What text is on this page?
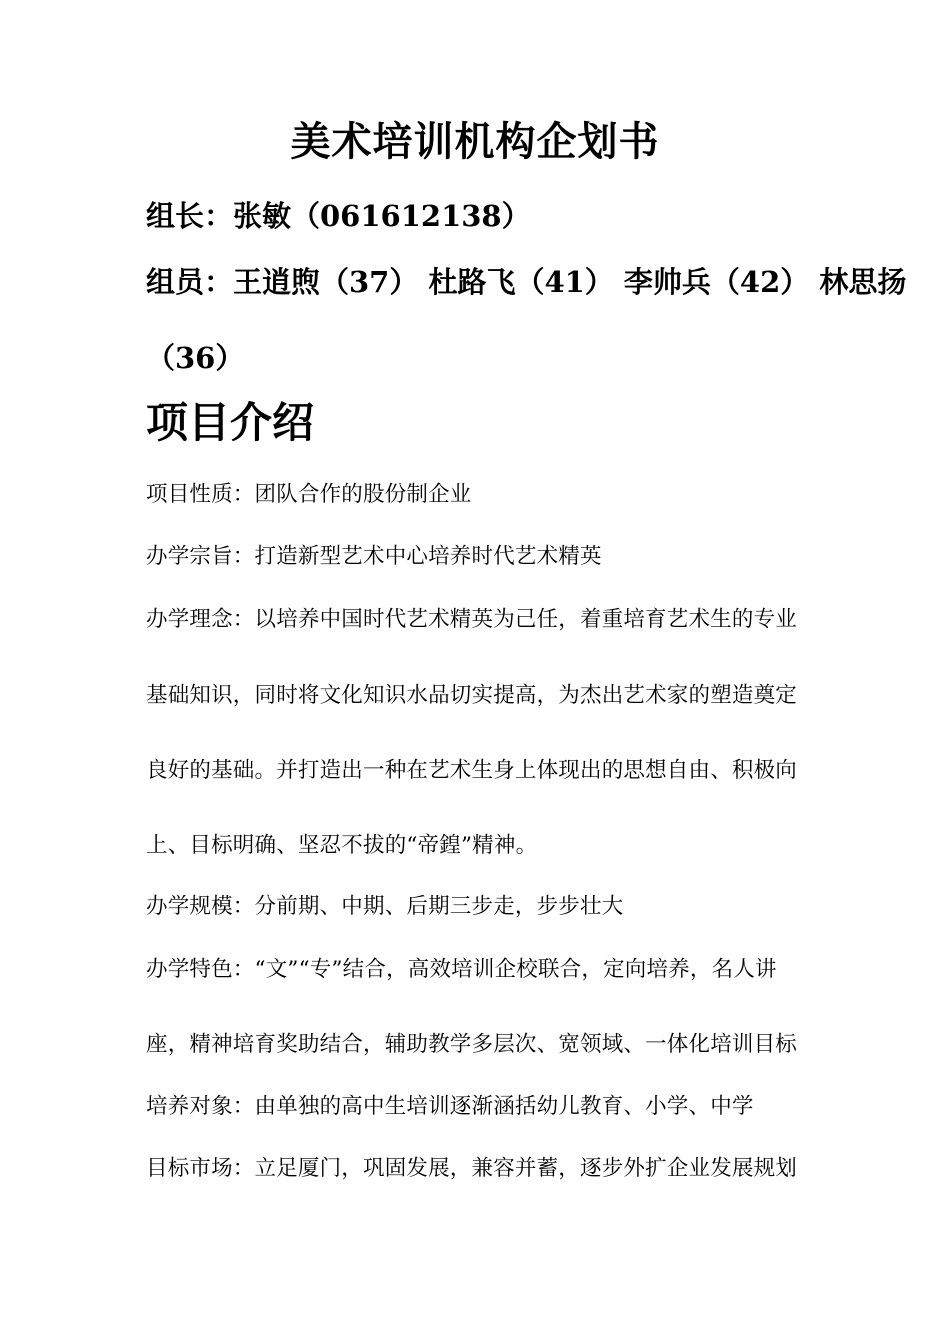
美术培训机构企划书
组长：张敏（061612138）
组员：王逍煦（37） 杜路飞（41） 李帅兵（42） 林思扬
（36）
项目介绍
项目性质：团队合作的股份制企业
办学宗旨：打造新型艺术中心培养时代艺术精英
办学理念：以培养中国时代艺术精英为己任，着重培育艺术生的专业
基础知识，同时将文化知识水品切实提高，为杰出艺术家的塑造奠定
良好的基础。并打造出一种在艺术生身上体现出的思想自由、积极向
上、目标明确、坚忍不拔的“帝鍠”精神。
办学规模：分前期、中期、后期三步走，步步壮大
办学特色：“文”“专”结合，高效培训企校联合，定向培养，名人讲
座，精神培育奖助结合，辅助教学多层次、宽领域、一体化培训目标
培养对象：由单独的高中生培训逐渐涵括幼儿教育、小学、中学
目标市场：立足厦门，巩固发展，兼容并蓄，逐步外扩企业发展规划
